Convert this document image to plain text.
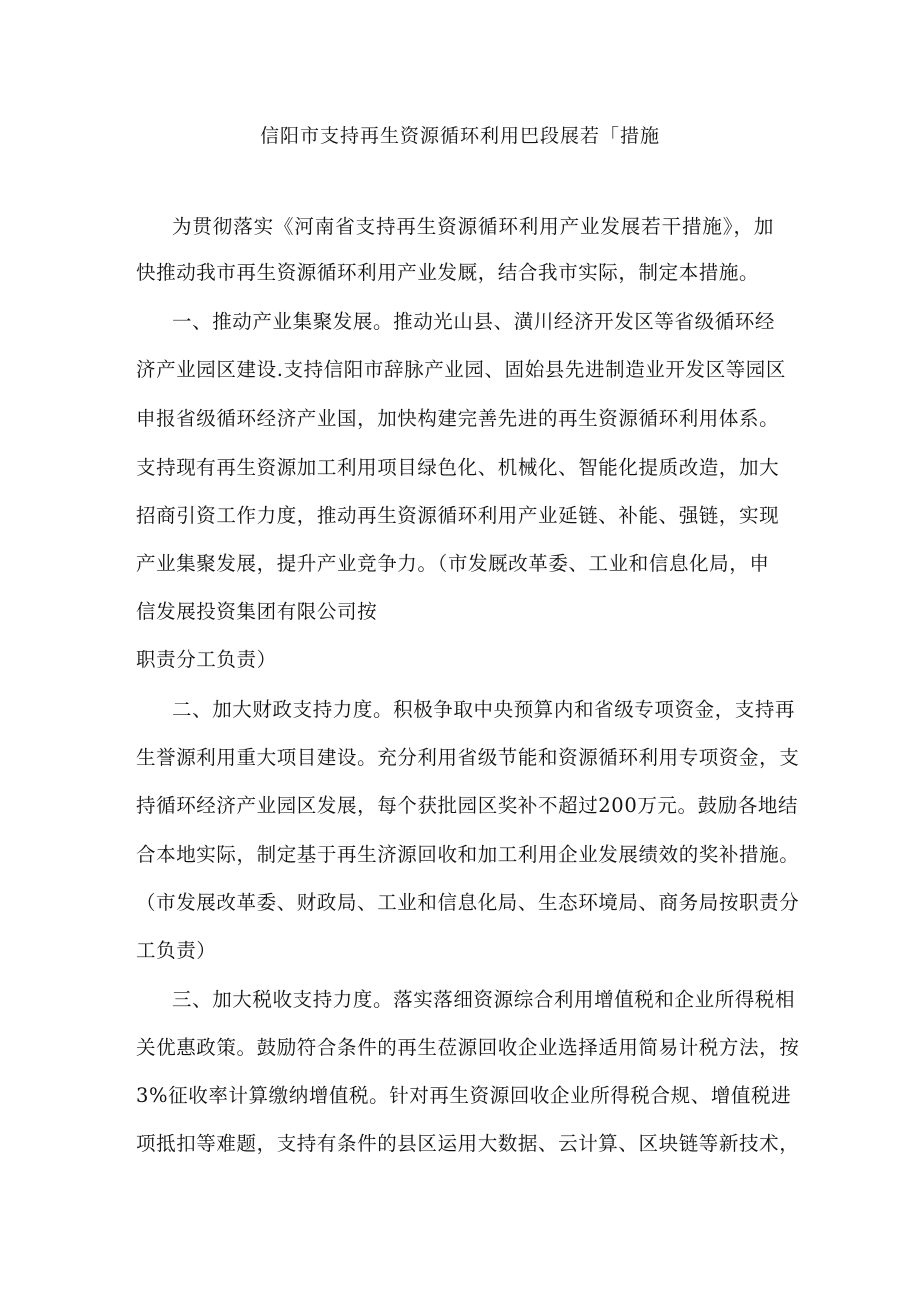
信阳市支持再生资源循环利用巴段展若「措施
为贯彻落实《河南省支持再生资源循环利用产业发展若干措施》，加
快推动我市再生资源循环利用产业发厩，结合我市实际，制定本措施。
一、推动产业集聚发展。推动光山县、潢川经济开发区等省级循环经
济产业园区建设.支持信阳市辞脉产业园、固始县先进制造业开发区等园区
申报省级循环经济产业国，加快构建完善先进的再生资源循环利用体系。
支持现有再生资源加工利用项目绿色化、机械化、智能化提质改造，加大
招商引资工作力度，推动再生资源循环利用产业延链、补能、强链，实现
产业集聚发展，提升产业竞争力。（市发厩改革委、工业和信息化局，申
信发展投资集团有限公司按
职责分工负责）
二、加大财政支持力度。积极争取中央预算内和省级专项资金，支持再
生誉源利用重大项目建设。充分利用省级节能和资源循环利用专项资金，支
持循环经济产业园区发展，每个获批园区奖补不超过200万元。鼓励各地结
合本地实际，制定基于再生济源回收和加工利用企业发展绩效的奖补措施。
（市发展改革委、财政局、工业和信息化局、生态环境局、商务局按职责分
工负责）
三、加大税收支持力度。落实落细资源综合利用增值税和企业所得税相
关优惠政策。鼓励符合条件的再生莅源回收企业选择适用简易计税方法，按
3%征收率计算缴纳增值税。针对再生资源回收企业所得税合规、增值税进
项抵扣等难题，支持有条件的县区运用大数据、云计算、区块链等新技术，
